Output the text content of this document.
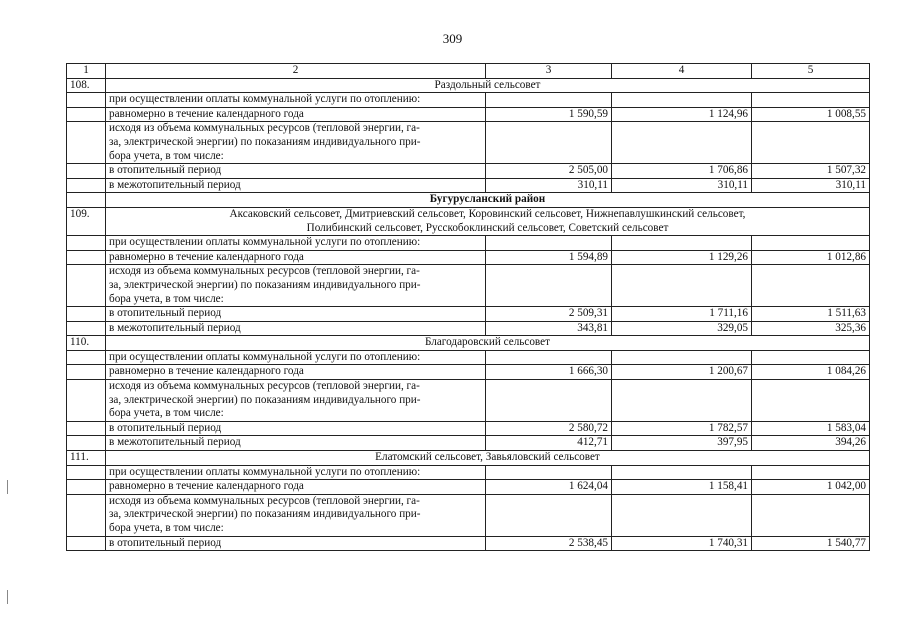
309
1	2	3	4	5
108.	Раздольный сельсовет			
	при осуществлении оплаты коммунальной услуги по отоплению:			
	равномерно в течение календарного года	1 590,59	1 124,96	1 008,55
	исходя из объема коммунальных ресурсов (тепловой энергии, га-
за, электрической энергии) по показаниям индивидуального при-
бора учета, в том числе:			
	в отопительный период	2 505,00	1 706,86	1 507,32
	в межотопительный период	310,11	310,11	310,11
	Бугурусланский район			
109.	Аксаковский сельсовет, Дмитриевский сельсовет, Коровинский сельсовет, Нижнепавлушкинский сельсовет,
Полибинский сельсовет, Русскобоклинский сельсовет, Советский сельсовет			
	при осуществлении оплаты коммунальной услуги по отоплению:			
	равномерно в течение календарного года	1 594,89	1 129,26	1 012,86
	исходя из объема коммунальных ресурсов (тепловой энергии, га-
за, электрической энергии) по показаниям индивидуального при-
бора учета, в том числе:			
	в отопительный период	2 509,31	1 711,16	1 511,63
	в межотопительный период	343,81	329,05	325,36
110.	Благодаровский сельсовет			
	при осуществлении оплаты коммунальной услуги по отоплению:			
	равномерно в течение календарного года	1 666,30	1 200,67	1 084,26
	исходя из объема коммунальных ресурсов (тепловой энергии, га-
за, электрической энергии) по показаниям индивидуального при-
бора учета, в том числе:			
	в отопительный период	2 580,72	1 782,57	1 583,04
	в межотопительный период	412,71	397,95	394,26
111.	Елатомский сельсовет, Завьяловский сельсовет			
	при осуществлении оплаты коммунальной услуги по отоплению:			
	равномерно в течение календарного года	1 624,04	1 158,41	1 042,00
	исходя из объема коммунальных ресурсов (тепловой энергии, га-
за, электрической энергии) по показаниям индивидуального при-
бора учета, в том числе:			
	в отопительный период	2 538,45	1 740,31	1 540,77
